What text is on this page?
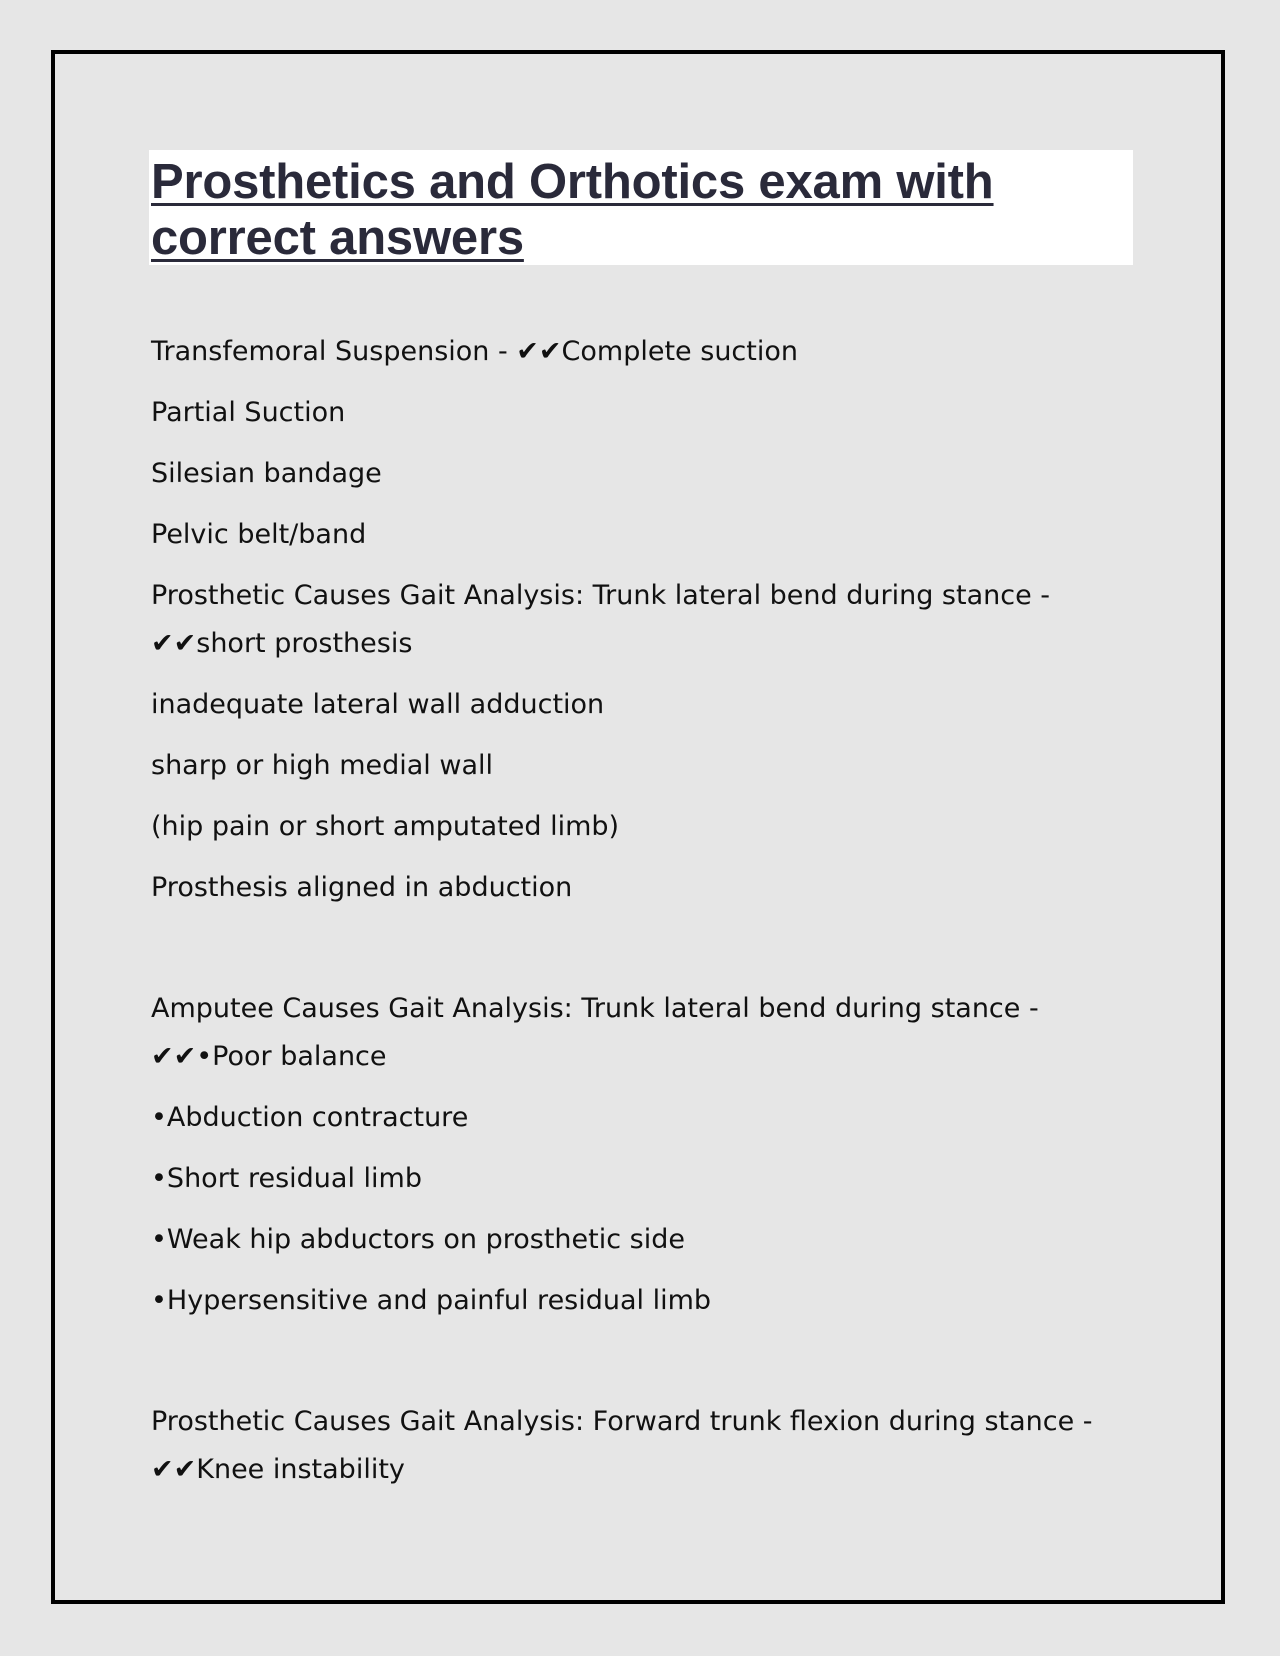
Prosthetics and Orthotics exam with
correct answers

Transfemoral Suspension - ✔✔Complete suction

Partial Suction

Silesian bandage

Pelvic belt/band

Prosthetic Causes Gait Analysis: Trunk lateral bend during stance -

✔✔short prosthesis

inadequate lateral wall adduction

sharp or high medial wall

(hip pain or short amputated limb)

Prosthesis aligned in abduction

Amputee Causes Gait Analysis: Trunk lateral bend during stance -

✔✔•Poor balance

•Abduction contracture

•Short residual limb

•Weak hip abductors on prosthetic side

•Hypersensitive and painful residual limb

Prosthetic Causes Gait Analysis: Forward trunk flexion during stance -

✔✔Knee instability
